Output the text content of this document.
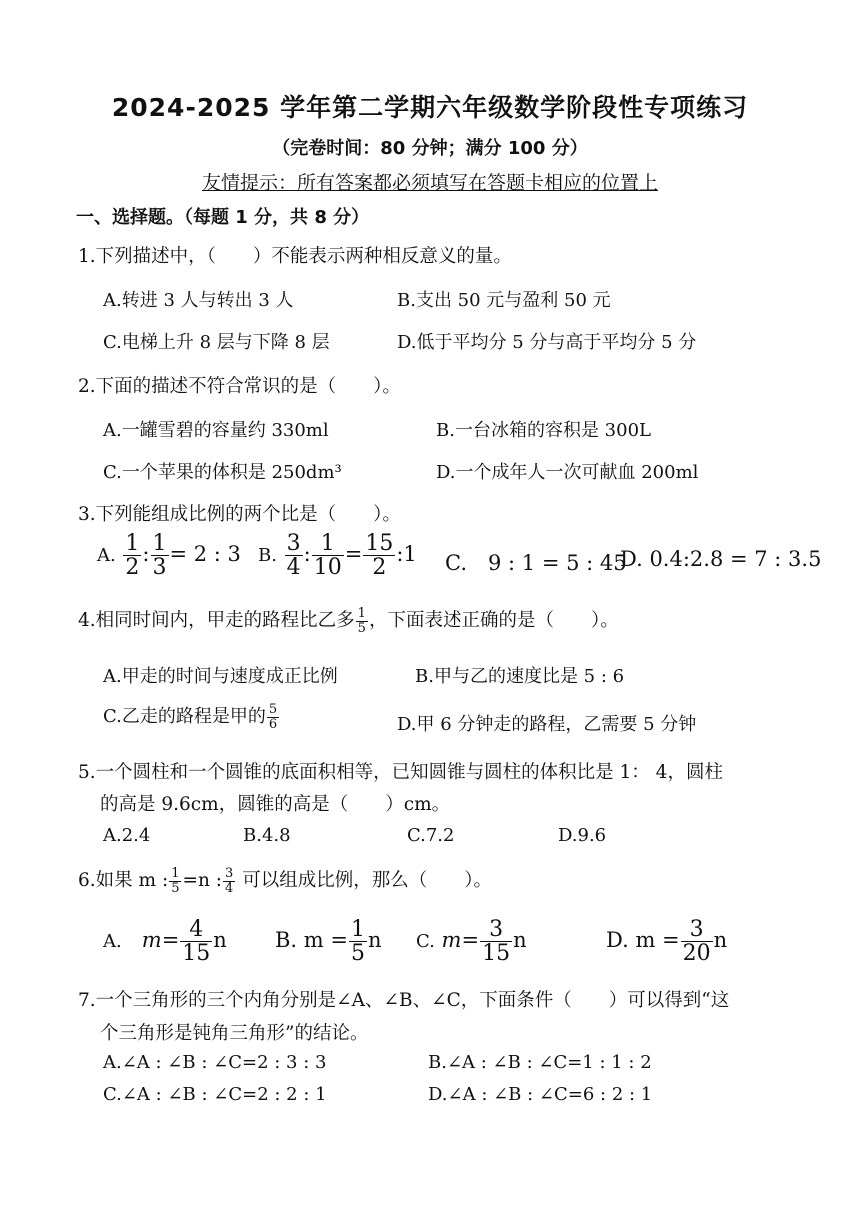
2024-2025 学年第二学期六年级数学阶段性专项练习
（完卷时间：80 分钟；满分 100 分）
友情提示：所有答案都必须填写在答题卡相应的位置上
一、选择题。（每题 1 分，共 8 分）
1.下列描述中，（　　）不能表示两种相反意义的量。
A.转进 3 人与转出 3 人	B.支出 50 元与盈利 50 元
C.电梯上升 8 层与下降 8 层	D.低于平均分 5 分与高于平均分 5 分
2.下面的描述不符合常识的是（　　）。
A.一罐雪碧的容量约 330ml	B.一台冰箱的容积是 300L
C.一个苹果的体积是 250dm³	D.一个成年人一次可献血 200ml
3.下列能组成比例的两个比是（　　）。
A. $\frac{1}{2}$ : $\frac{1}{3} = 2$ : 3 B. $\frac{3}{4}$ : $\frac{1}{10} = \frac{15}{2}$ :1 C.　9 : 1 = 5 : 45
D. 0.4:2.8 = 7 : 3.5
4.相同时间内，甲走的路程比乙多 $\frac{1}{5}$ ，下面表述正确的是（　　）。
A.甲走的时间与速度成正比例	B.甲与乙的速度比是 5 : 6
C.乙走的路程是甲的 $\frac{5}{6}$	D.甲 6 分钟走的路程，乙需要 5 分钟
5.一个圆柱和一个圆锥的底面积相等，已知圆锥与圆柱的体积比是 1： 4，圆柱
的高是 9.6cm，圆锥的高是（　　）cm。
A.2.4	B.4.8	C.7.2	D.9.6
6.如果 m : $\frac{1}{5} =n$ : $\frac{3}{4}$ 可以组成比例，那么（　　）。
A. $m= \frac{4}{15}$ n B. $m = \frac{1}{5}$ n C. $m= \frac{3}{15}$ n	D. $m = \frac{3}{20}$ n
7.一个三角形的三个内角分别是∠A、∠B、∠C，下面条件（　　）可以得到“这
个三角形是钝角三角形”的结论。
A.∠A : ∠B : ∠C=2 : 3 : 3	B.∠A : ∠B : ∠C=1 : 1 : 2
C.∠A : ∠B : ∠C=2 : 2 : 1	D.∠A : ∠B : ∠C=6 : 2 : 1
